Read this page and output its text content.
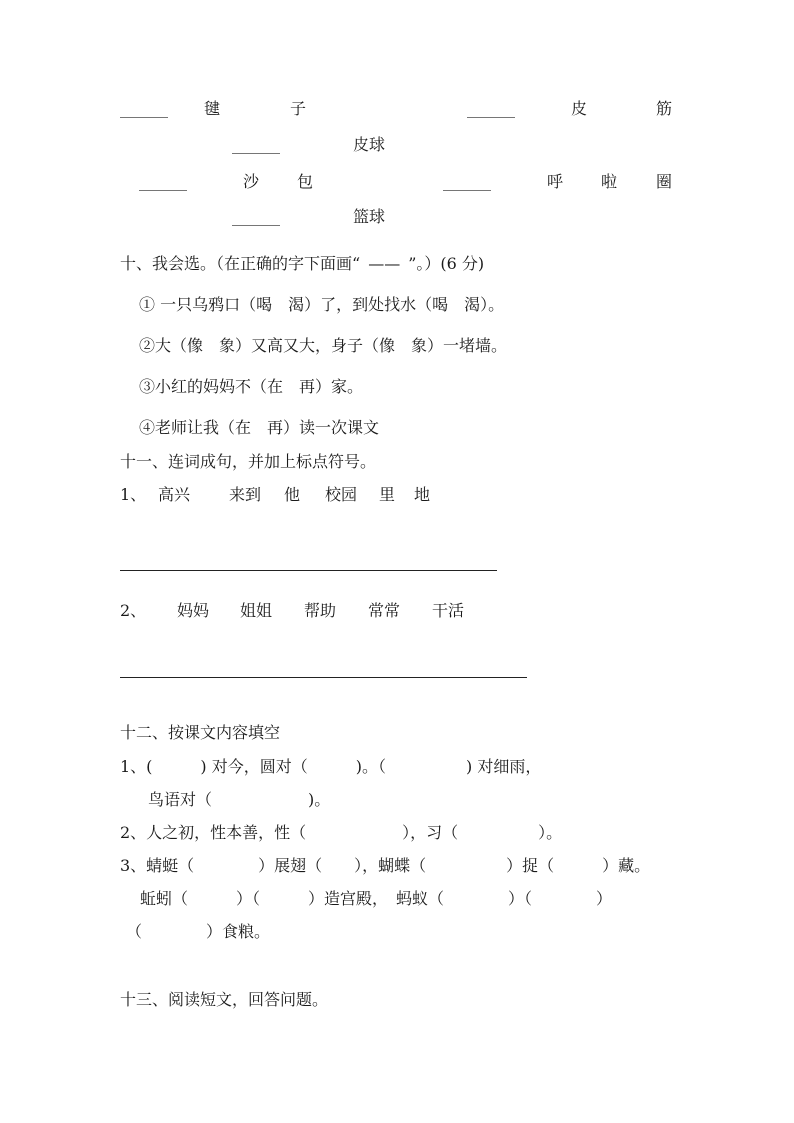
______ 毽	子	______	皮	筋
______	皮球
______	沙 包	______	呼 啦 圈
______	篮球
十、我会选。（在正确的字下面画“ —— ”。）(6 分)
① 一只乌鸦口（喝　渴）了，到处找水（喝　渴）。
②大（像　象）又高又大，身子（像　象）一堵墙。
③小红的妈妈不（在　再）家。
④老师让我（在　再）读一次课文
十一、连词成句，并加上标点符号。
1、 高兴 来到 他 校园 里 地
2、 妈妈 姐姐 帮助 常常 干活
十二、按课文内容填空
1、(　　　) 对今，圆对（　　　)。（　　　　　) 对细雨，
鸟语对（　　　　　　)。
2、人之初，性本善，性（　　　　　　），习（　　　　　）。
3、蜻蜓（　　　　）展翅（　　），蝴蝶（　　　　　）捉（　　　）藏。
蚯蚓（　　　）（　　　）造宫殿，　蚂蚁（　　　　）（　　　　）
（　　　　）食粮。
十三、阅读短文，回答问题。
